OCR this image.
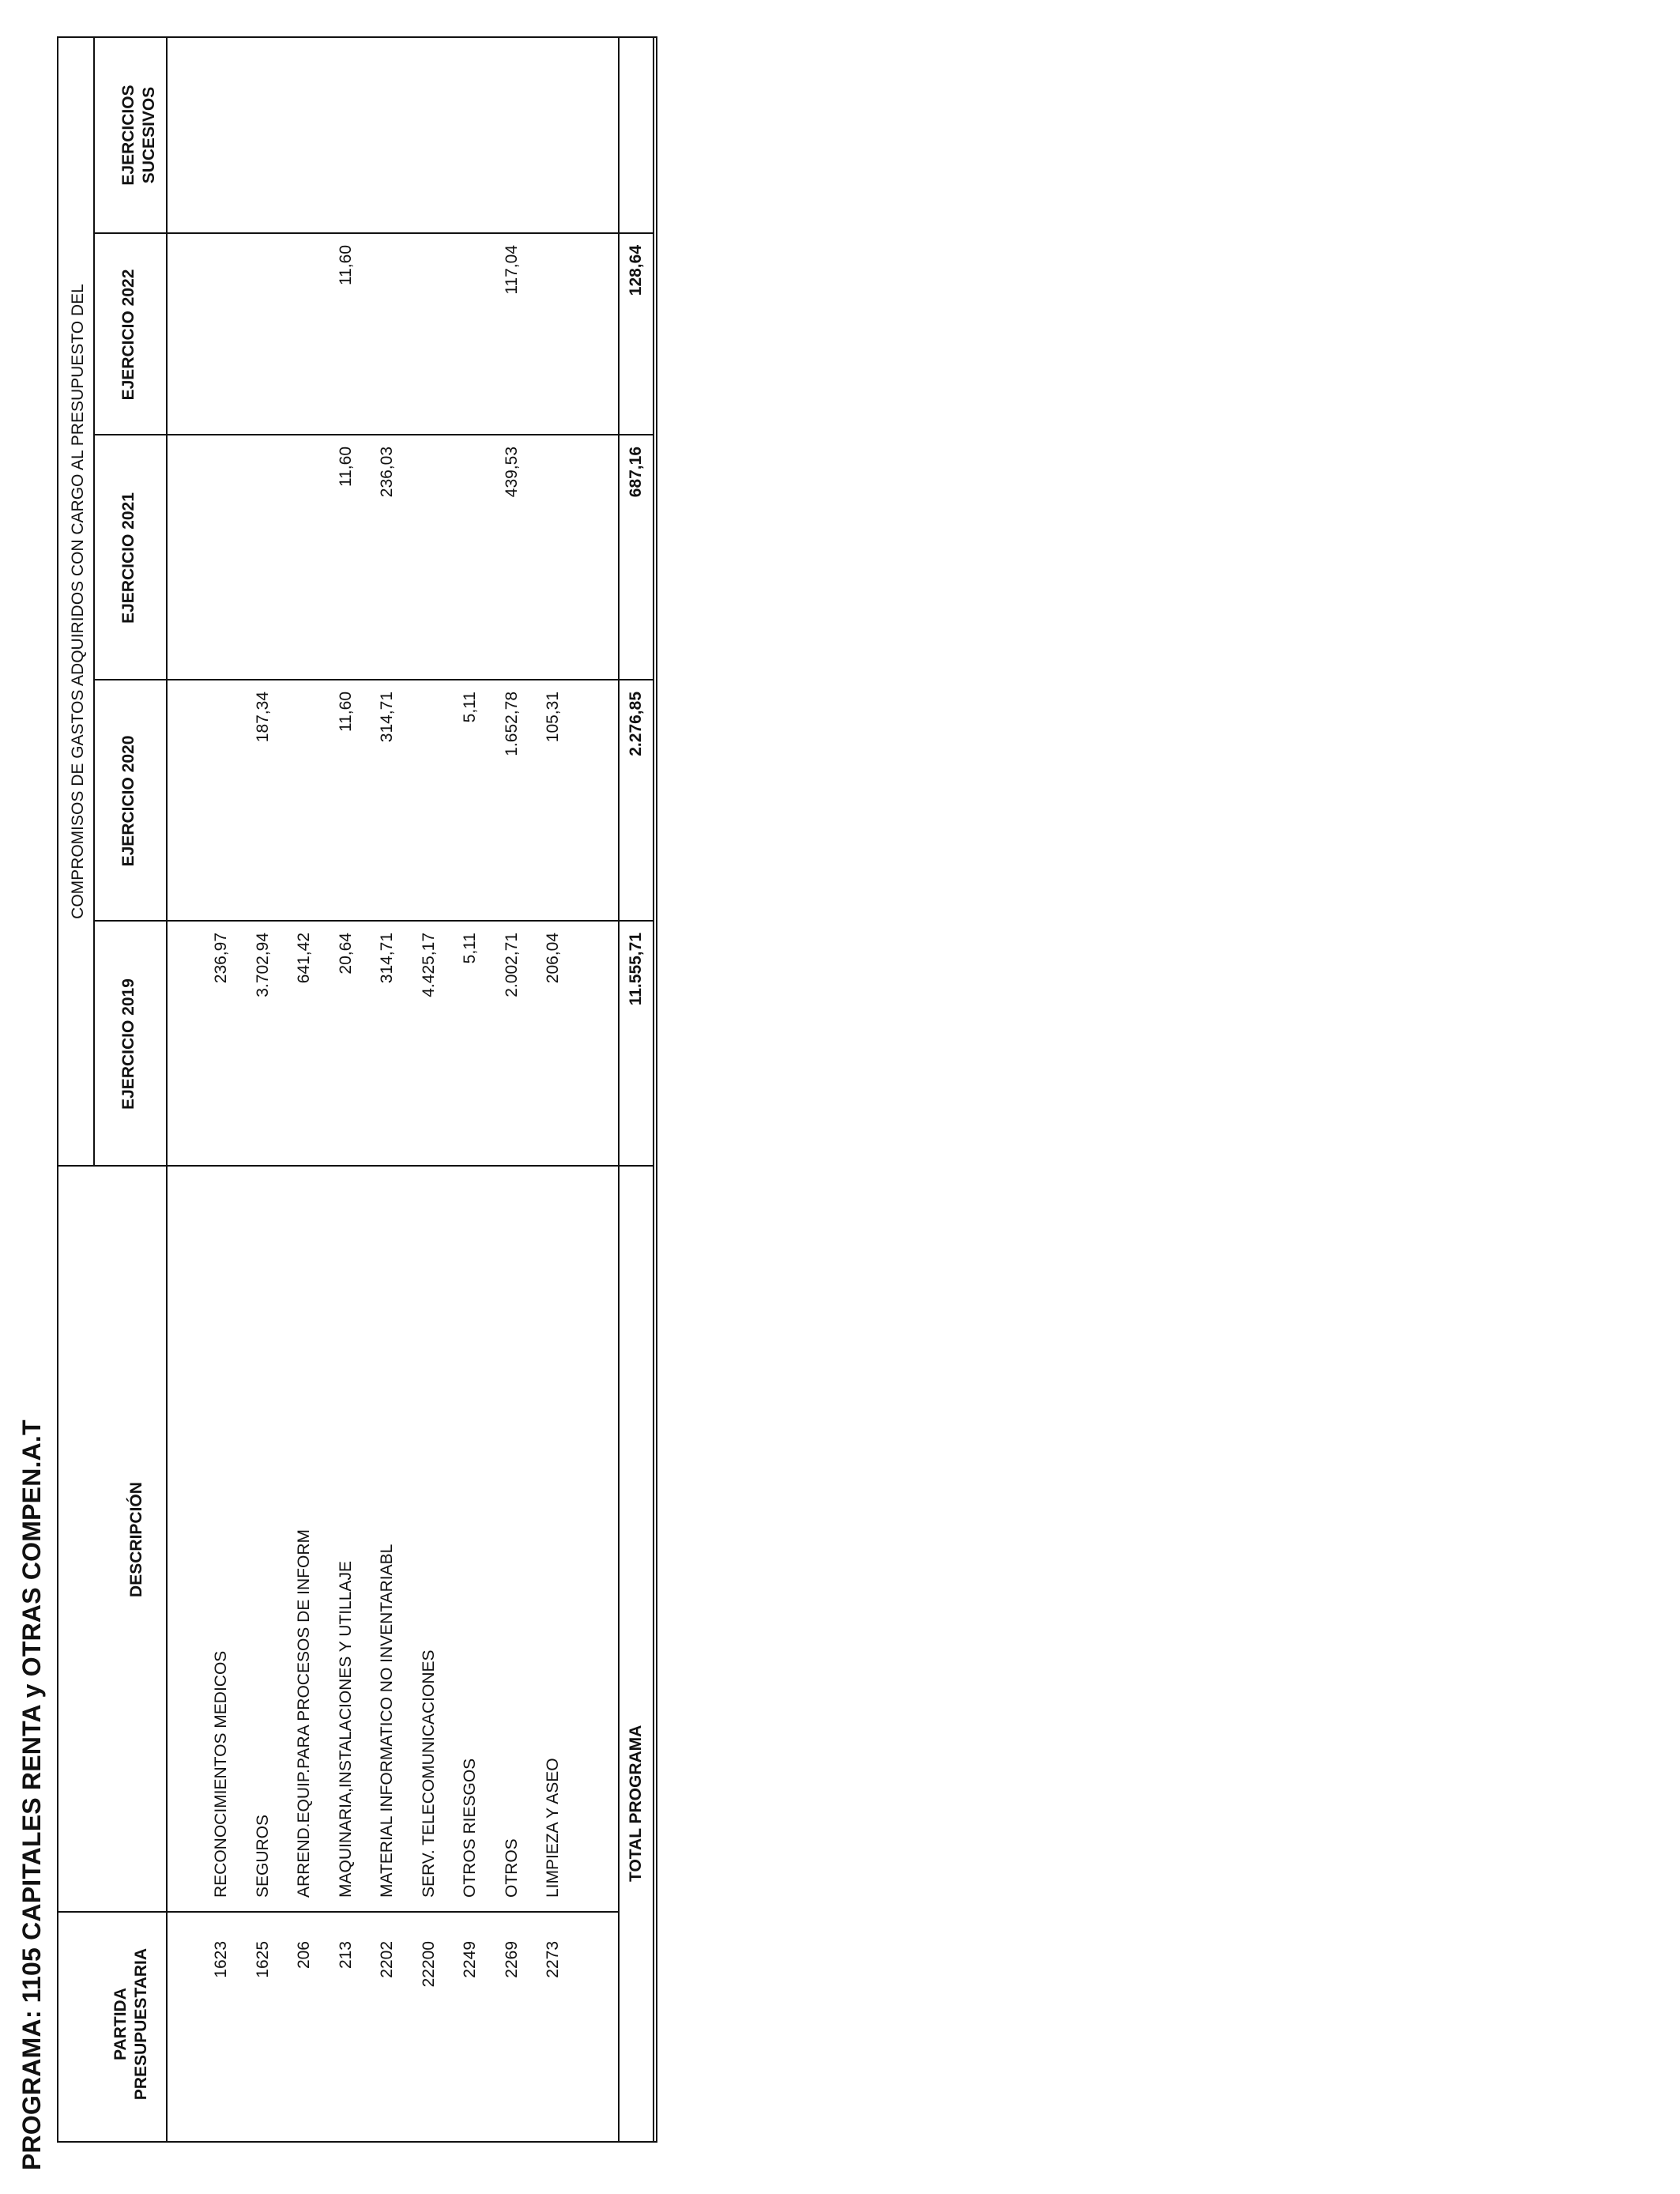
PROGRAMA: 1105 CAPITALES RENTA y OTRAS COMPEN.A.T	PARTIDA PRESUPUESTARIA
DESCRIPCIÓN
COMPROMISOS DE GASTOS ADQUIRIDOS CON CARGO AL PRESUPUESTO DEL
EJERCICIO 2019
EJERCICIO 2020
EJERCICIO 2021
EJERCICIO 2022
EJERCICIOS SUCESIVOS
1623
RECONOCIMIENTOS MEDICOS
236,97
1625
SEGUROS
3.702,94
187,34
206
ARREND.EQUIP.PARA PROCESOS DE INFORM
641,42
213
MAQUINARIA,INSTALACIONES Y UTILLAJE
20,64
11,60
11,60
11,60
2202
MATERIAL INFORMATICO NO INVENTARIABL
314,71
314,71
236,03
22200
SERV. TELECOMUNICACIONES
4.425,17
2249
OTROS RIESGOS
5,11
5,11
2269
OTROS
2.002,71
1.652,78
439,53
117,04
2273
LIMPIEZA Y ASEO
206,04
105,31
TOTAL PROGRAMA
11.555,71
2.276,85
687,16
128,64
